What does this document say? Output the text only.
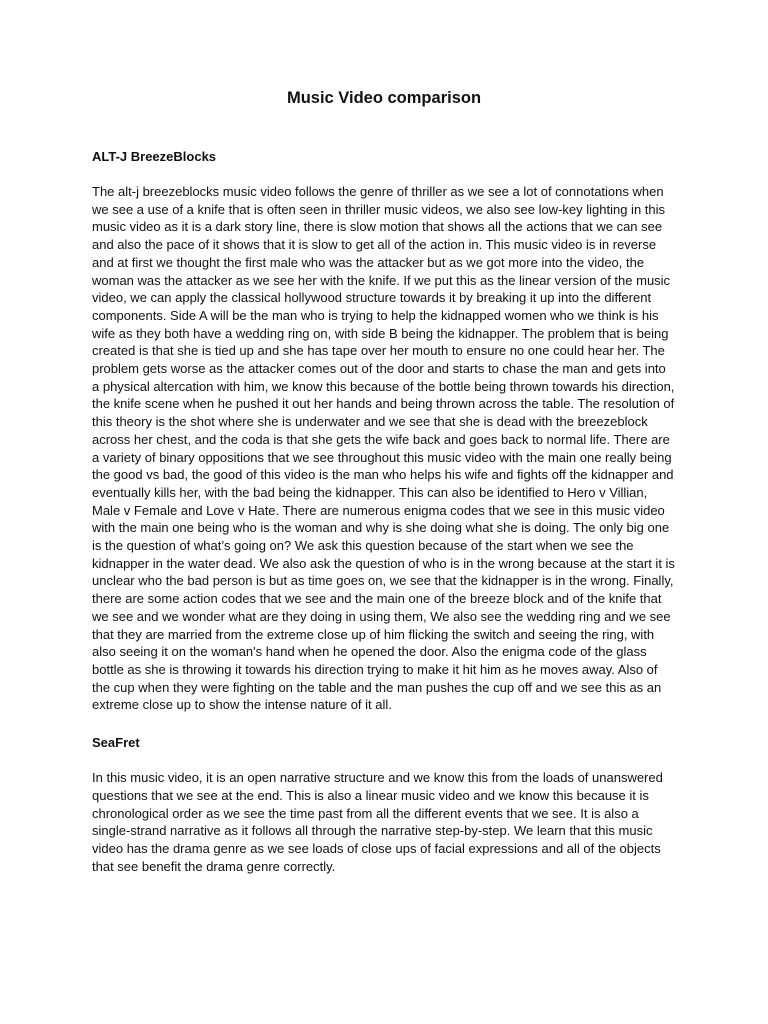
Music Video comparison
ALT-J BreezeBlocks

The alt-j breezeblocks music video follows the genre of thriller as we see a lot of connotations when we see a use of a knife that is often seen in thriller music videos, we also see low-key lighting in this music video as it is a dark story line, there is slow motion that shows all the actions that we can see and also the pace of it shows that it is slow to get all of the action in. This music video is in reverse and at first we thought the first male who was the attacker but as we got more into the video, the woman was the attacker as we see her with the knife. If we put this as the linear version of the music video, we can apply the classical hollywood structure towards it by breaking it up into the different components. Side A will be the man who is trying to help the kidnapped women who we think is his wife as they both have a wedding ring on, with side B being the kidnapper. The problem that is being created is that she is tied up and she has tape over her mouth to ensure no one could hear her. The problem gets worse as the attacker comes out of the door and starts to chase the man and gets into a physical altercation with him, we know this because of the bottle being thrown towards his direction, the knife scene when he pushed it out her hands and being thrown across the table. The resolution of this theory is the shot where she is underwater and we see that she is dead with the breezeblock across her chest, and the coda is that she gets the wife back and goes back to normal life. There are a variety of binary oppositions that we see throughout this music video with the main one really being the good vs bad, the good of this video is the man who helps his wife and fights off the kidnapper and eventually kills her, with the bad being the kidnapper. This can also be identified to Hero v Villian, Male v Female and Love v Hate. There are numerous enigma codes that we see in this music video with the main one being who is the woman and why is she doing what she is doing. The only big one is the question of what’s going on? We ask this question because of the start when we see the kidnapper in the water dead. We also ask the question of who is in the wrong because at the start it is unclear who the bad person is but as time goes on, we see that the kidnapper is in the wrong. Finally, there are some action codes that we see and the main one of the breeze block and of the knife that we see and we wonder what are they doing in using them, We also see the wedding ring and we see that they are married from the extreme close up of him flicking the switch and seeing the ring, with also seeing it on the woman's hand when he opened the door. Also the enigma code of the glass bottle as she is throwing it towards his direction trying to make it hit him as he moves away. Also of the cup when they were fighting on the table and the man pushes the cup off and we see this as an extreme close up to show the intense nature of it all.

SeaFret

In this music video, it is an open narrative structure and we know this from the loads of unanswered questions that we see at the end. This is also a linear music video and we know this because it is chronological order as we see the time past from all the different events that we see. It is also a single-strand narrative as it follows all through the narrative step-by-step. We learn that this music video has the drama genre as we see loads of close ups of facial expressions and all of the objects that see benefit the drama genre correctly.
